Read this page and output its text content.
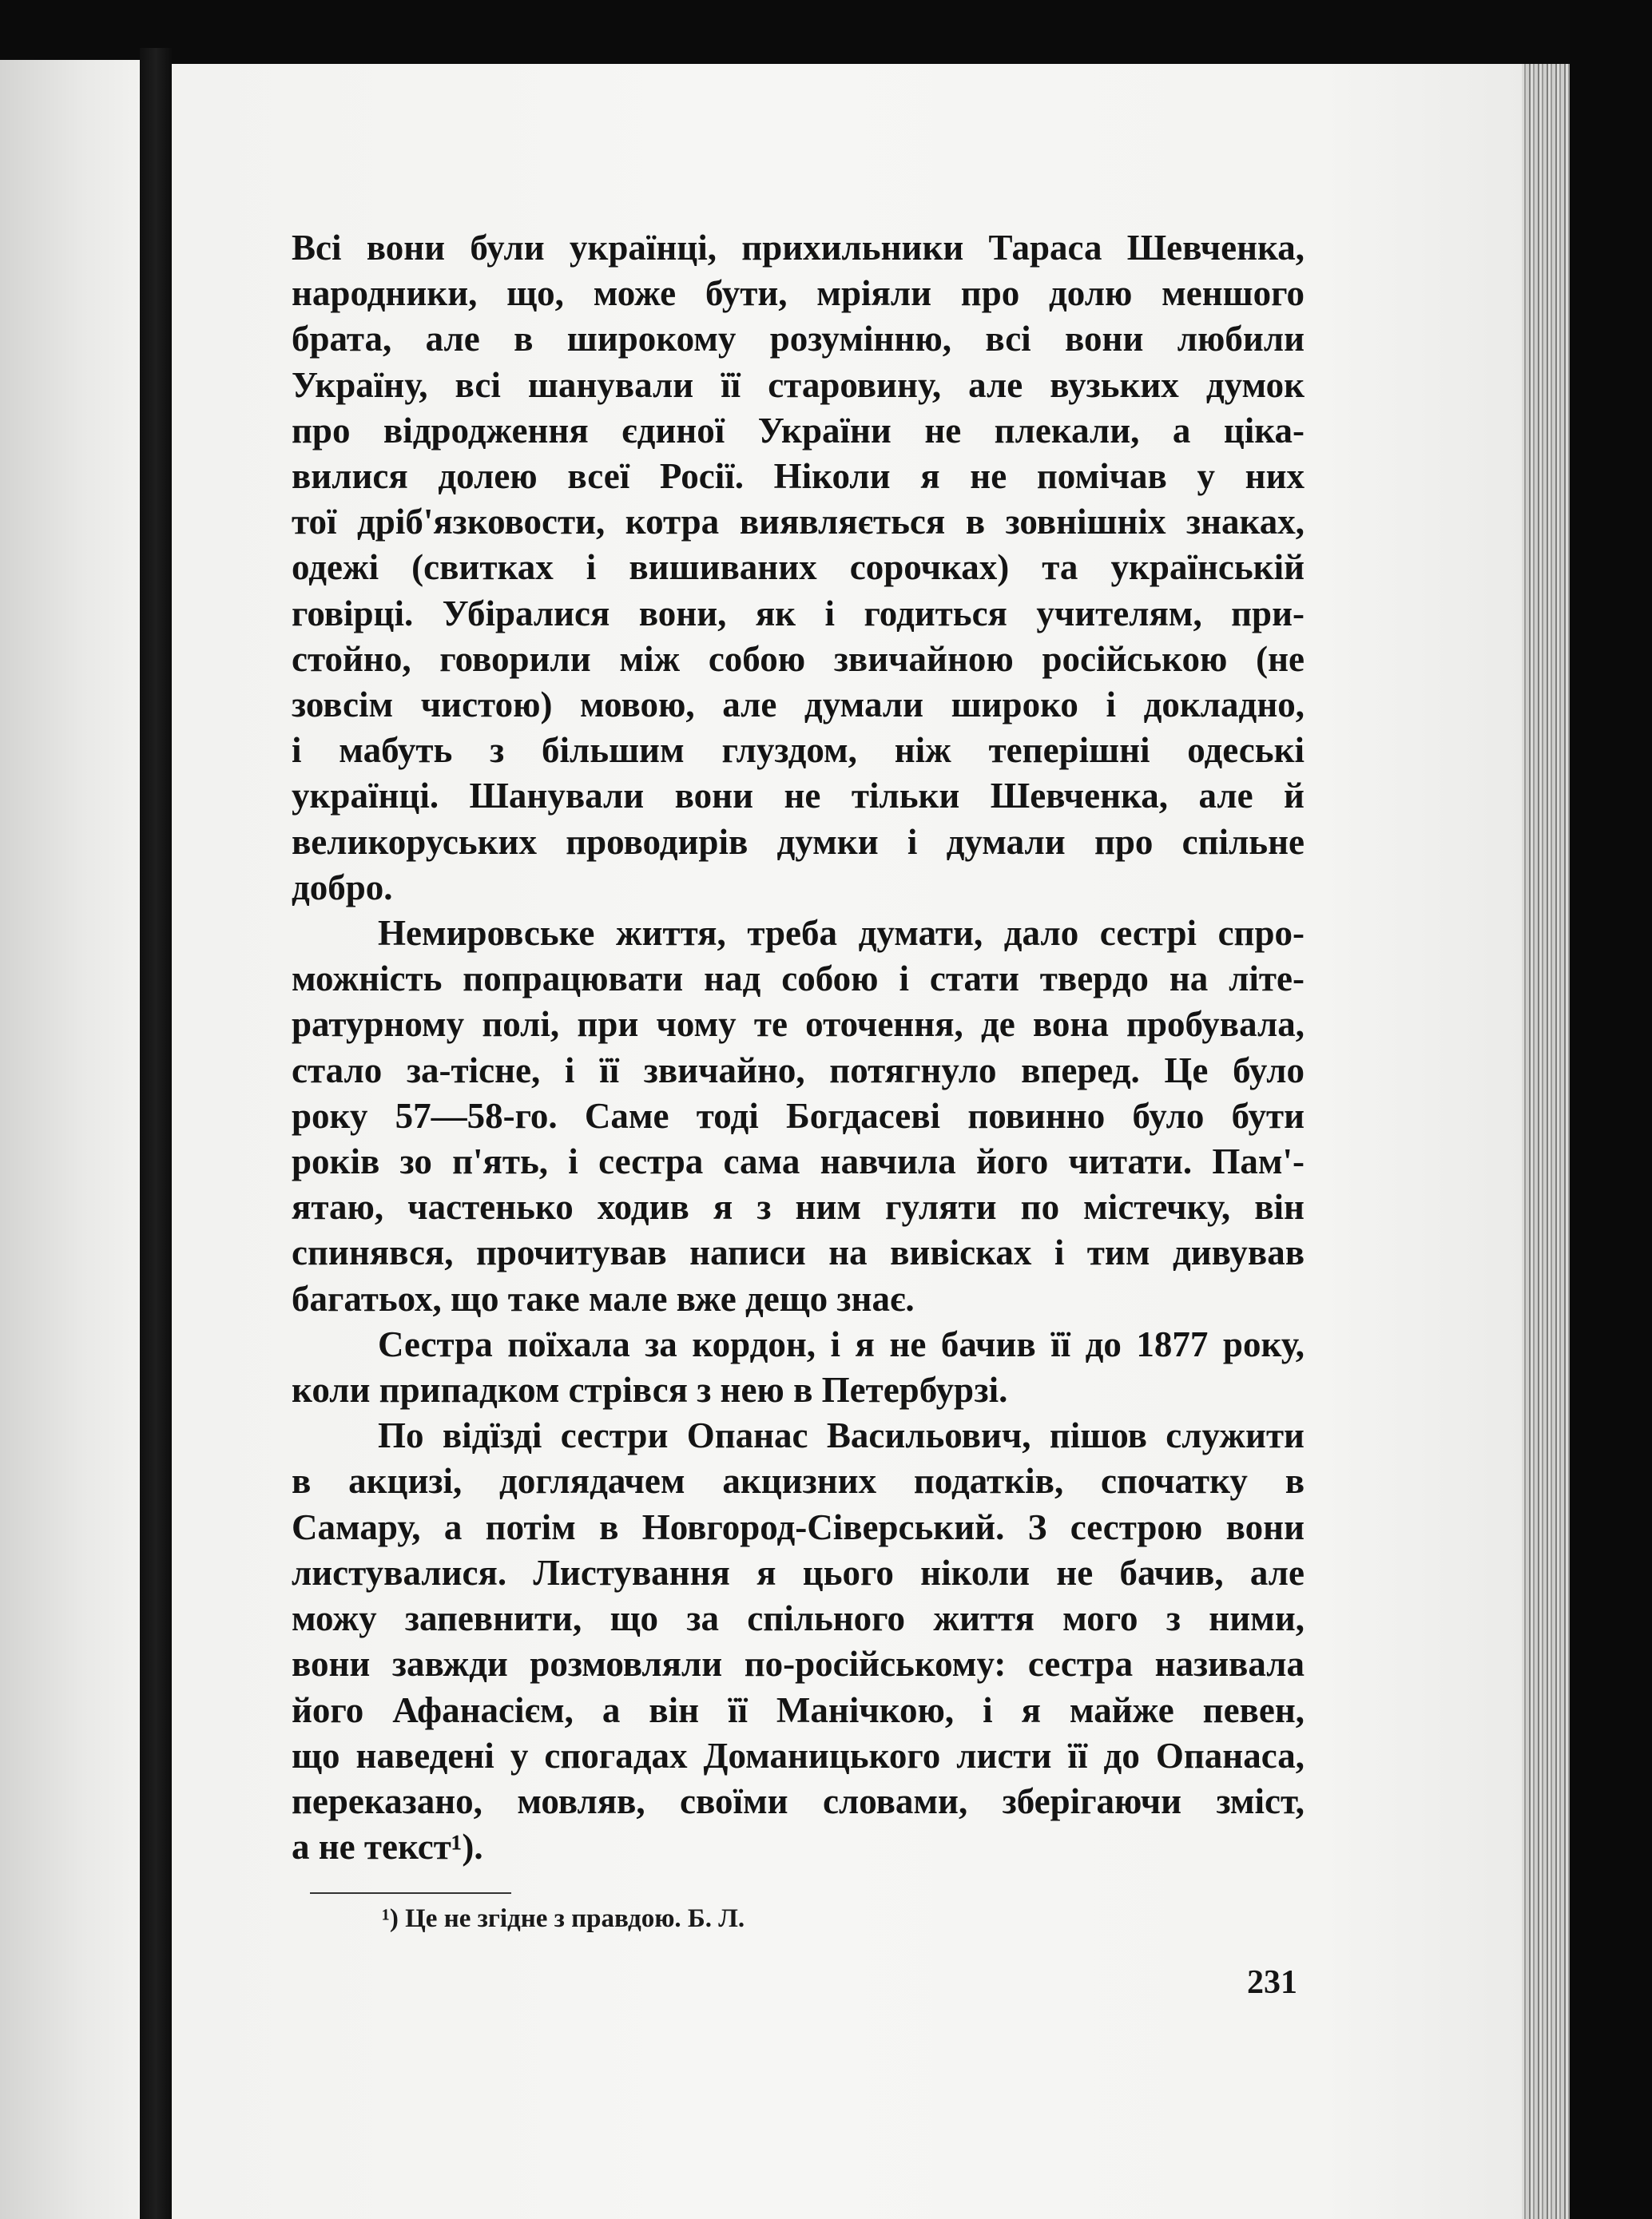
Всі вони були українці, прихильники Тараса Шевченка,
народники, що, може бути, мріяли про долю меншого
брата, але в широкому розумінню, всі вони любили
Україну, всі шанували її старовину, але вузьких думок
про відродження єдиної України не плекали, а ціка-
вилися долею всеї Росії. Ніколи я не помічав у них
тої дріб'язковости, котра виявляється в зовнішніх знаках,
одежі (свитках і вишиваних сорочках) та українській
говірці. Убіралися вони, як і годиться учителям, при-
стойно, говорили між собою звичайною російською (не
зовсім чистою) мовою, але думали широко і докладно,
і мабуть з більшим глуздом, ніж теперішні одеські
українці. Шанували вони не тільки Шевченка, але й
великоруських проводирів думки і думали про спільне
добро.
Немировське життя, треба думати, дало сестрі спро-
можність попрацювати над собою і стати твердо на літе-
ратурному полі, при чому те оточення, де вона пробувала,
стало за-тісне, і її звичайно, потягнуло вперед. Це було
року 57—58-го. Саме тоді Богдасеві повинно було бути
років зо п'ять, і сестра сама навчила його читати. Пам'-
ятаю, частенько ходив я з ним гуляти по містечку, він
спинявся, прочитував написи на вивісках і тим дивував
багатьох, що таке мале вже дещо знає.
Сестра поїхала за кордон, і я не бачив її до 1877 року,
коли припадком стрівся з нею в Петербурзі.
По відїзді сестри Опанас Васильович, пішов служити
в акцизі, доглядачем акцизних податків, спочатку в
Самару, а потім в Новгород-Сіверський. З сестрою вони
листувалися. Листування я цього ніколи не бачив, але
можу запевнити, що за спільного життя мого з ними,
вони завжди розмовляли по-російському: сестра називала
його Афанасієм, а він її Манічкою, і я майже певен,
що наведені у спогадах Доманицького листи її до Опанаса,
переказано, мовляв, своїми словами, зберігаючи зміст,
а не текст¹).
¹) Це не згідне з правдою. Б. Л.
231
